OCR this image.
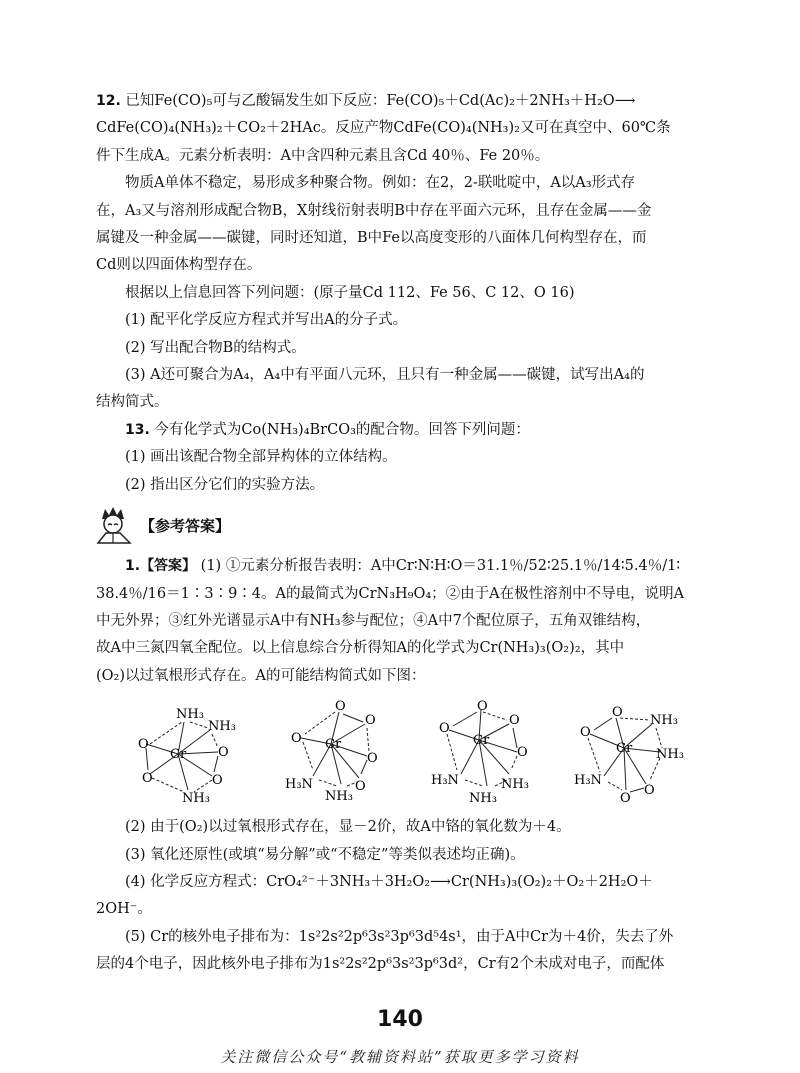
12. 已知Fe(CO)₅可与乙酸镉发生如下反应：Fe(CO)₅＋Cd(Ac)₂＋2NH₃＋H₂O⟶
CdFe(CO)₄(NH₃)₂＋CO₂＋2HAc。反应产物CdFe(CO)₄(NH₃)₂又可在真空中、60℃条
件下生成A。元素分析表明：A中含四种元素且含Cd 40％、Fe 20％。
物质A单体不稳定，易形成多种聚合物。例如：在2，2‐联吡啶中，A以A₃形式存
在，A₃又与溶剂形成配合物B，X射线衍射表明B中存在平面六元环，且存在金属——金
属键及一种金属——碳键，同时还知道，B中Fe以高度变形的八面体几何构型存在，而
Cd则以四面体构型存在。
根据以上信息回答下列问题：(原子量Cd 112、Fe 56、C 12、O 16)
(1) 配平化学反应方程式并写出A的分子式。
(2) 写出配合物B的结构式。
(3) A还可聚合为A₄，A₄中有平面八元环，且只有一种金属——碳键，试写出A₄的
结构简式。
13. 今有化学式为Co(NH₃)₄BrCO₃的配合物。回答下列问题：
(1) 画出该配合物全部异构体的立体结构。
(2) 指出区分它们的实验方法。
【参考答案】
1.【答案】 (1) ①元素分析报告表明：A中Cr∶N∶H∶O＝31.1％/52∶25.1％/14∶5.4％/1∶
38.4％/16＝1∶3∶9∶4。A的最简式为CrN₃H₉O₄；②由于A在极性溶剂中不导电，说明A
中无外界；③红外光谱显示A中有NH₃参与配位；④A中7个配位原子，五角双锥结构，
故A中三氮四氧全配位。以上信息综合分析得知A的化学式为Cr(NH₃)₃(O₂)₂，其中
(O₂)以过氧根形式存在。A的可能结构简式如下图：
Cr
NH₃
NH₃
NH₃
O
O
O
O
Cr
O
O
O
H₃N
NH₃
O
O
Cr
O
O
O
H₃N
NH₃
NH₃
O	Cr
O
O
NH₃
NH₃
H₃N
O
O
(2) 由于(O₂)以过氧根形式存在，显－2价，故A中铬的氧化数为＋4。
(3) 氧化还原性(或填“易分解”或“不稳定”等类似表述均正确)。
(4) 化学反应方程式：CrO₄²⁻＋3NH₃＋3H₂O₂⟶Cr(NH₃)₃(O₂)₂＋O₂＋2H₂O＋
2OH⁻。
(5) Cr的核外电子排布为：1s²2s²2p⁶3s²3p⁶3d⁵4s¹，由于A中Cr为＋4价，失去了外
层的4个电子，因此核外电子排布为1s²2s²2p⁶3s²3p⁶3d²，Cr有2个未成对电子，而配体
140
关注微信公众号“教辅资料站”获取更多学习资料
